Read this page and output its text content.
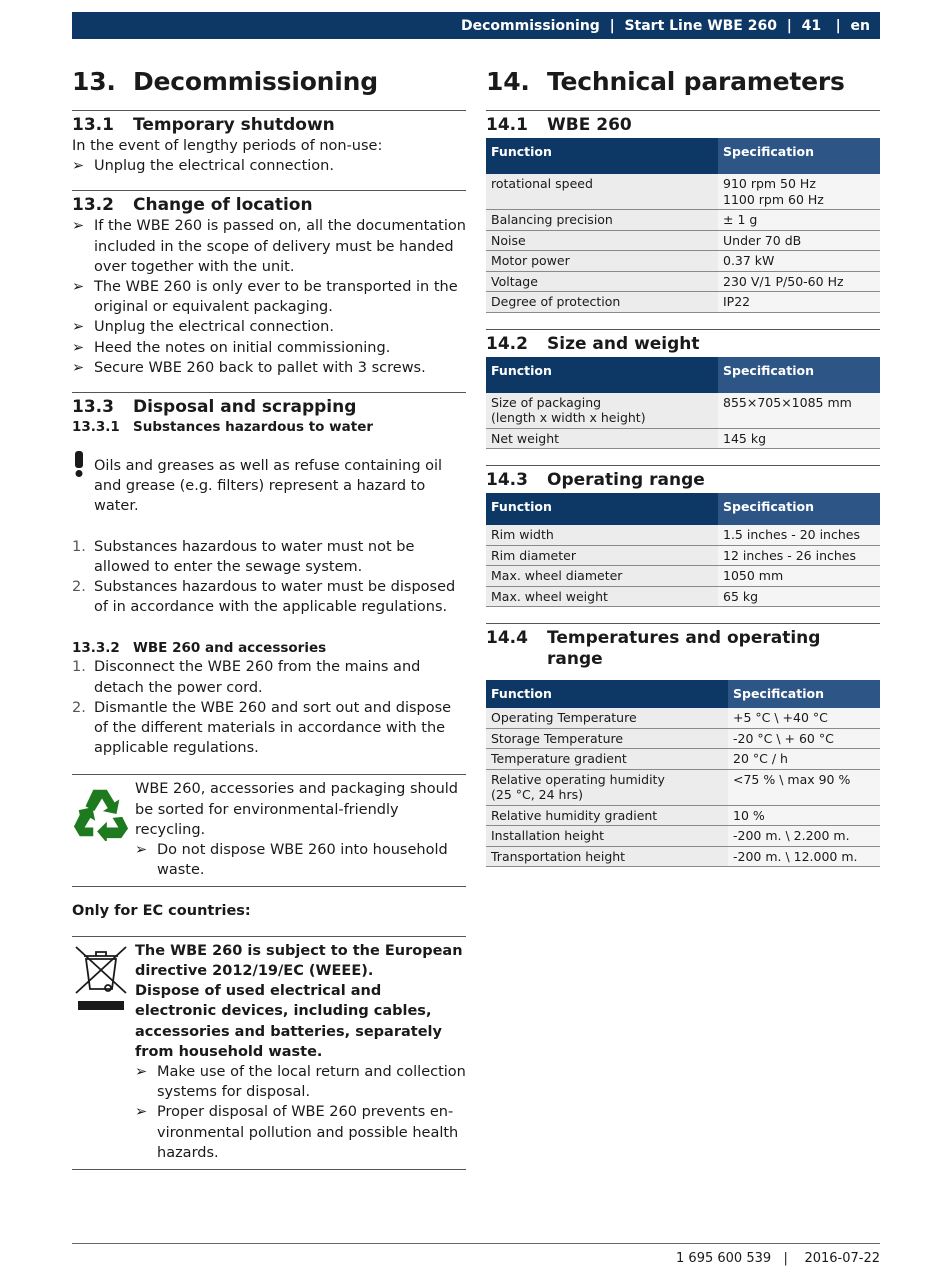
Decommissioning  |  Start Line WBE 260  |  41   |  en
13. Decommissioning
13.1	Temporary shutdown
In the event of lengthy periods of non-use:
➢ Unplug the electrical connection.
13.2	Change of location
➢ If the WBE 260 is passed on, all the documentation included in the scope of delivery must be handed over together with the unit.
➢ The WBE 260 is only ever to be transported in the original or equivalent packaging.
➢ Unplug the electrical connection.
➢ Heed the notes on initial commissioning.
➢ Secure WBE 260 back to pallet with 3 screws.
13.3	Disposal and scrapping
13.3.1 Substances hazardous to water
Oils and greases as well as refuse containing oil and grease (e.g. filters) represent a hazard to water.
1. Substances hazardous to water must not be allowed to enter the sewage system.
2. Substances hazardous to water must be disposed of in accordance with the applicable regulations.
13.3.2 WBE 260 and accessories
1. Disconnect the WBE 260 from the mains and detach the power cord.
2. Dismantle the WBE 260 and sort out and dispose of the different materials in accordance with the applicable regulations.
WBE 260, accessories and packaging should be sorted for environmental-friendly recycling.
➢ Do not dispose WBE 260 into household waste.
Only for EC countries:
The WBE 260 is subject to the European directive 2012/19/EC (WEEE).
Dispose of used electrical and electronic devices, including cables, accessories and batteries, separately from household waste.
➢ Make use of the local return and collection systems for disposal.
➢ Proper disposal of WBE 260 prevents environmental pollution and possible health hazards.
14. Technical parameters
14.1	WBE 260
Function	Specification
rotational speed	910 rpm 50 Hz
1100 rpm 60 Hz
Balancing precision	± 1 g
Noise	Under 70 dB
Motor power	0.37 kW
Voltage	230 V/1 P/50-60 Hz
Degree of protection	IP22
14.2	Size and weight
Function	Specification
Size of packaging
(length x width x height)	855×705×1085 mm
Net weight	145 kg
14.3	Operating range
Function	Specification
Rim width	1.5 inches - 20 inches
Rim diameter	12 inches - 26 inches
Max. wheel diameter	1050 mm
Max. wheel weight	65 kg
14.4	Temperatures and operating range
Function	Specification
Operating Temperature	+5 °C \ +40 °C
Storage Temperature	-20 °C \ + 60 °C
Temperature gradient	20 °C / h
Relative operating humidity
(25 °C, 24 hrs)	<75 % \ max 90 %
Relative humidity gradient	10 %
Installation height	-200 m. \ 2.200 m.
Transportation height	-200 m. \ 12.000 m.
1 695 600 539   |    2016-07-22
